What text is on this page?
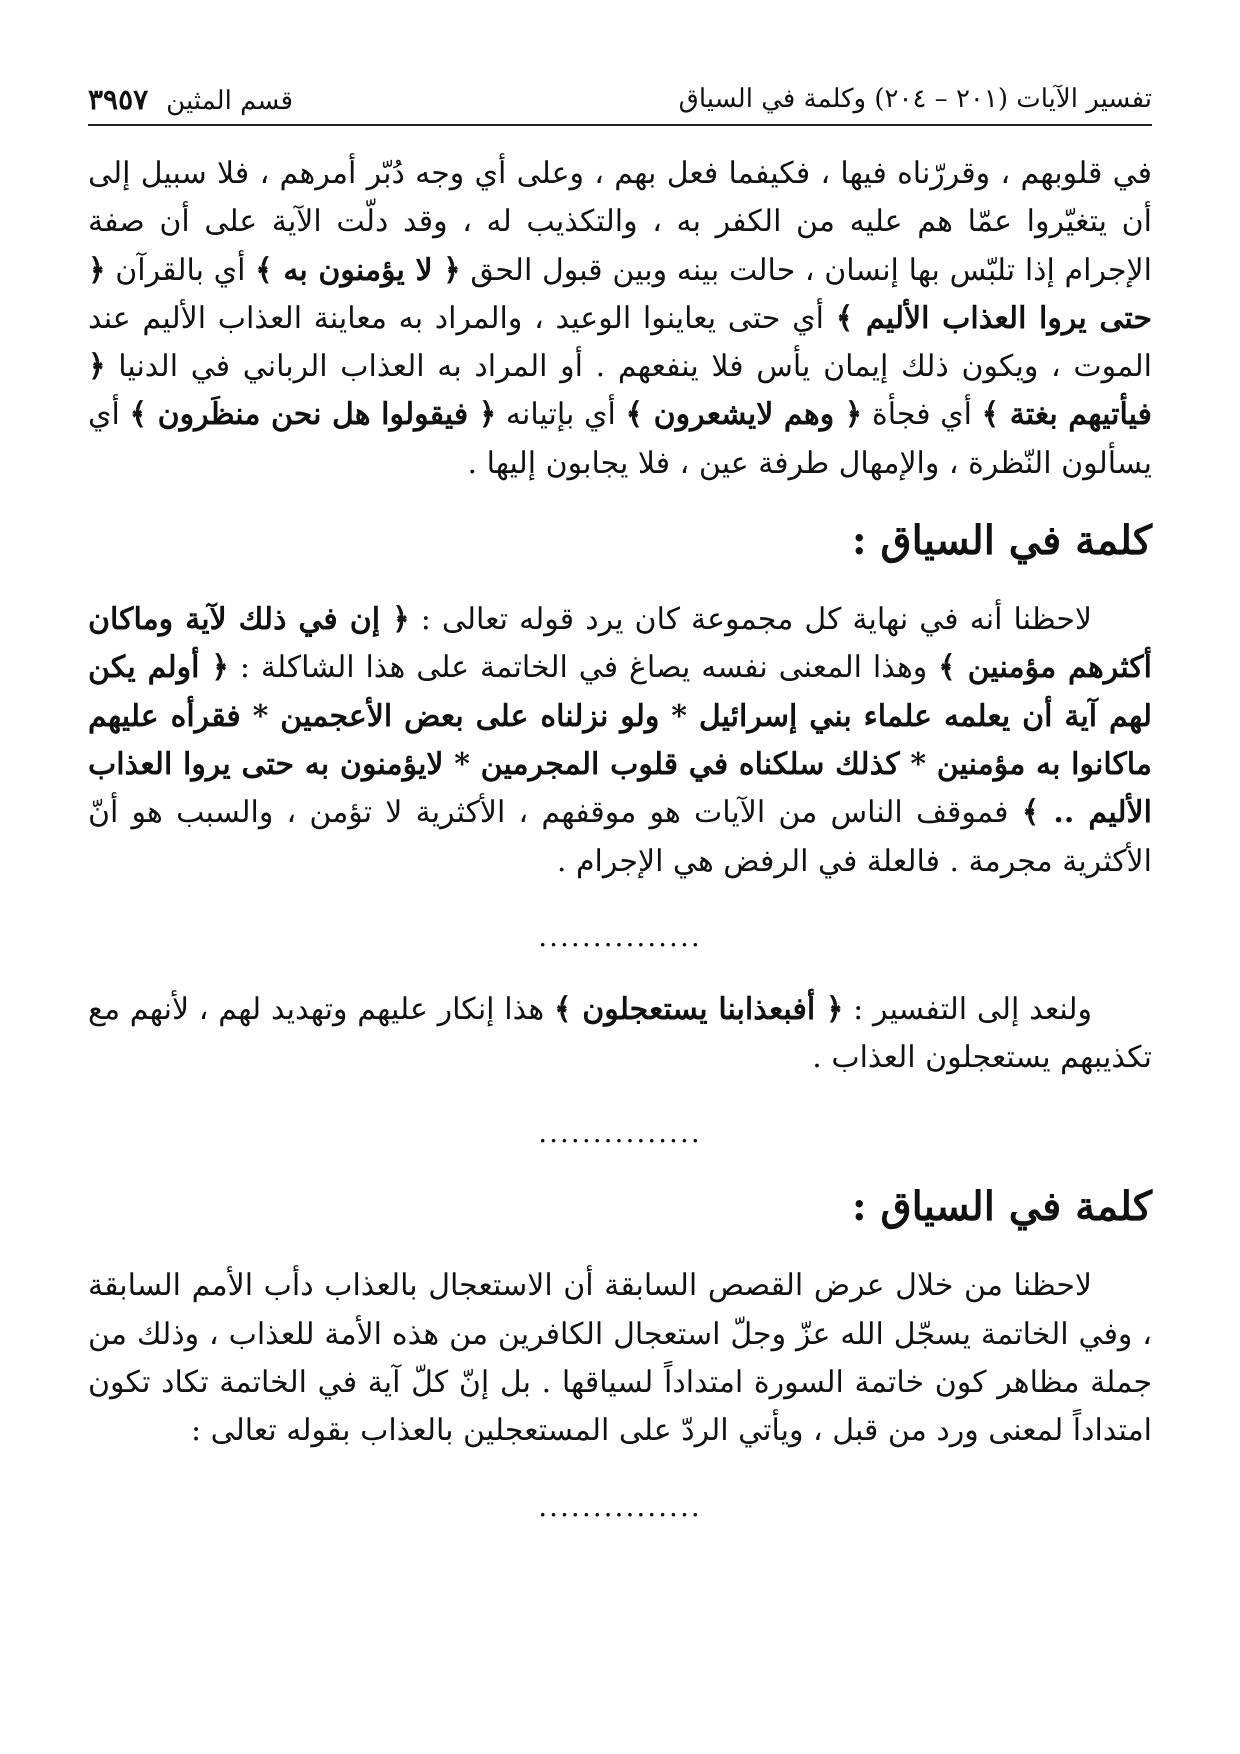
تفسير الآيات (٢٠١ – ٢٠٤) وكلمة في السياق
قسم المثين
٣٩٥٧

في قلوبهم ، وقررّناه فيها ، فكيفما فعل بهم ، وعلى أي وجه دُبّر أمرهم ، فلا سبيل إلى أن يتغيّروا عمّا هم عليه من الكفر به ، والتكذيب له ، وقد دلّت الآية على أن صفة الإجرام إذا تلبّس بها إنسان ، حالت بينه وبين قبول الحق ﴿ لا يؤمنون به ﴾ أي بالقرآن ﴿ حتى يروا العذاب الأليم ﴾ أي حتى يعاينوا الوعيد ، والمراد به معاينة العذاب الأليم عند الموت ، ويكون ذلك إيمان يأس فلا ينفعهم . أو المراد به العذاب الرباني في الدنيا ﴿ فيأتيهم بغتة ﴾ أي فجأة ﴿ وهم لايشعرون ﴾ أي بإتيانه ﴿ فيقولوا هل نحن منظَرون ﴾ أي يسألون النّظرة ، والإمهال طرفة عين ، فلا يجابون إليها .

كلمة في السياق :

لاحظنا أنه في نهاية كل مجموعة كان يرد قوله تعالى : ﴿ إن في ذلك لآية وماكان أكثرهم مؤمنين ﴾ وهذا المعنى نفسه يصاغ في الخاتمة على هذا الشاكلة : ﴿ أولم يكن لهم آية أن يعلمه علماء بني إسرائيل * ولو نزلناه على بعض الأعجمين * فقرأه عليهم ماكانوا به مؤمنين * كذلك سلكناه في قلوب المجرمين * لايؤمنون به حتى يروا العذاب الأليم .. ﴾ فموقف الناس من الآيات هو موقفهم ، الأكثرية لا تؤمن ، والسبب هو أنّ الأكثرية مجرمة . فالعلة في الرفض هي الإجرام .

...............

ولنعد إلى التفسير : ﴿ أفبعذابنا يستعجلون ﴾ هذا إنكار عليهم وتهديد لهم ، لأنهم مع تكذيبهم يستعجلون العذاب .

...............
كلمة في السياق :

لاحظنا من خلال عرض القصص السابقة أن الاستعجال بالعذاب دأب الأمم السابقة ، وفي الخاتمة يسجّل الله عزّ وجلّ استعجال الكافرين من هذه الأمة للعذاب ، وذلك من جملة مظاهر كون خاتمة السورة امتداداً لسياقها . بل إنّ كلّ آية في الخاتمة تكاد تكون امتداداً لمعنى ورد من قبل ، ويأتي الردّ على المستعجلين بالعذاب بقوله تعالى :

...............
